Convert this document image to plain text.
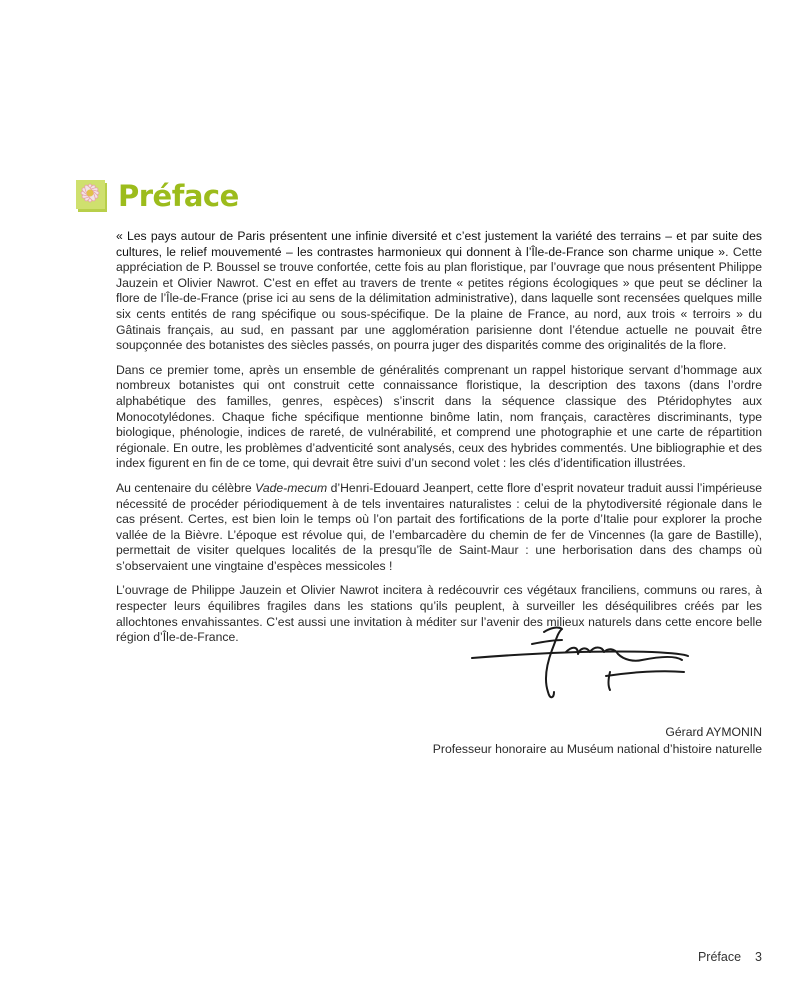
Préface

« Les pays autour de Paris présentent une infinie diversité et c’est justement la variété des terrains – et par suite des cultures, le relief mouvementé – les contrastes harmonieux qui donnent à l’Île-de-France son charme unique ». Cette appréciation de P. Boussel se trouve confortée, cette fois au plan floristique, par l’ouvrage que nous présentent Philippe Jauzein et Olivier Nawrot. C’est en effet au travers de trente « petites régions écologiques » que peut se décliner la flore de l’Île-de-France (prise ici au sens de la délimitation administrative), dans laquelle sont recensées quelques mille six cents entités de rang spécifique ou sous-spécifique. De la plaine de France, au nord, aux trois « terroirs » du Gâtinais français, au sud, en passant par une agglomération parisienne dont l’étendue actuelle ne pouvait être soupçonnée des botanistes des siècles passés, on pourra juger des disparités comme des originalités de la flore.

Dans ce premier tome, après un ensemble de généralités comprenant un rappel historique servant d’hommage aux nombreux botanistes qui ont construit cette connaissance floristique, la description des taxons (dans l’ordre alphabétique des familles, genres, espèces) s’inscrit dans la séquence classique des Ptéridophytes aux Monocotylédones. Chaque fiche spécifique mentionne binôme latin, nom français, caractères discriminants, type biologique, phénologie, indices de rareté, de vulnérabilité, et comprend une photographie et une carte de répartition régionale. En outre, les problèmes d’adventicité sont analysés, ceux des hybrides commentés. Une bibliographie et des index figurent en fin de ce tome, qui devrait être suivi d’un second volet : les clés d’identification illustrées.

Au centenaire du célèbre Vade-mecum d’Henri-Edouard Jeanpert, cette flore d’esprit novateur traduit aussi l’impérieuse nécessité de procéder périodiquement à de tels inventaires naturalistes : celui de la phytodiversité régionale dans le cas présent. Certes, est bien loin le temps où l’on partait des fortifications de la porte d’Italie pour explorer la proche vallée de la Bièvre. L’époque est révolue qui, de l’embarcadère du chemin de fer de Vincennes (la gare de Bastille), permettait de visiter quelques localités de la presqu’île de Saint-Maur : une herborisation dans des champs où s’observaient une vingtaine d’espèces messicoles !

L’ouvrage de Philippe Jauzein et Olivier Nawrot incitera à redécouvrir ces végétaux franciliens, communs ou rares, à respecter leurs équilibres fragiles dans les stations qu’ils peuplent, à surveiller les déséquilibres créés par les allochtones envahissantes. C’est aussi une invitation à méditer sur l’avenir des milieux naturels dans cette encore belle région d’Île-de-France.

Gérard AYMONIN
Professeur honoraire au Muséum national d’histoire naturelle
Préface 3
